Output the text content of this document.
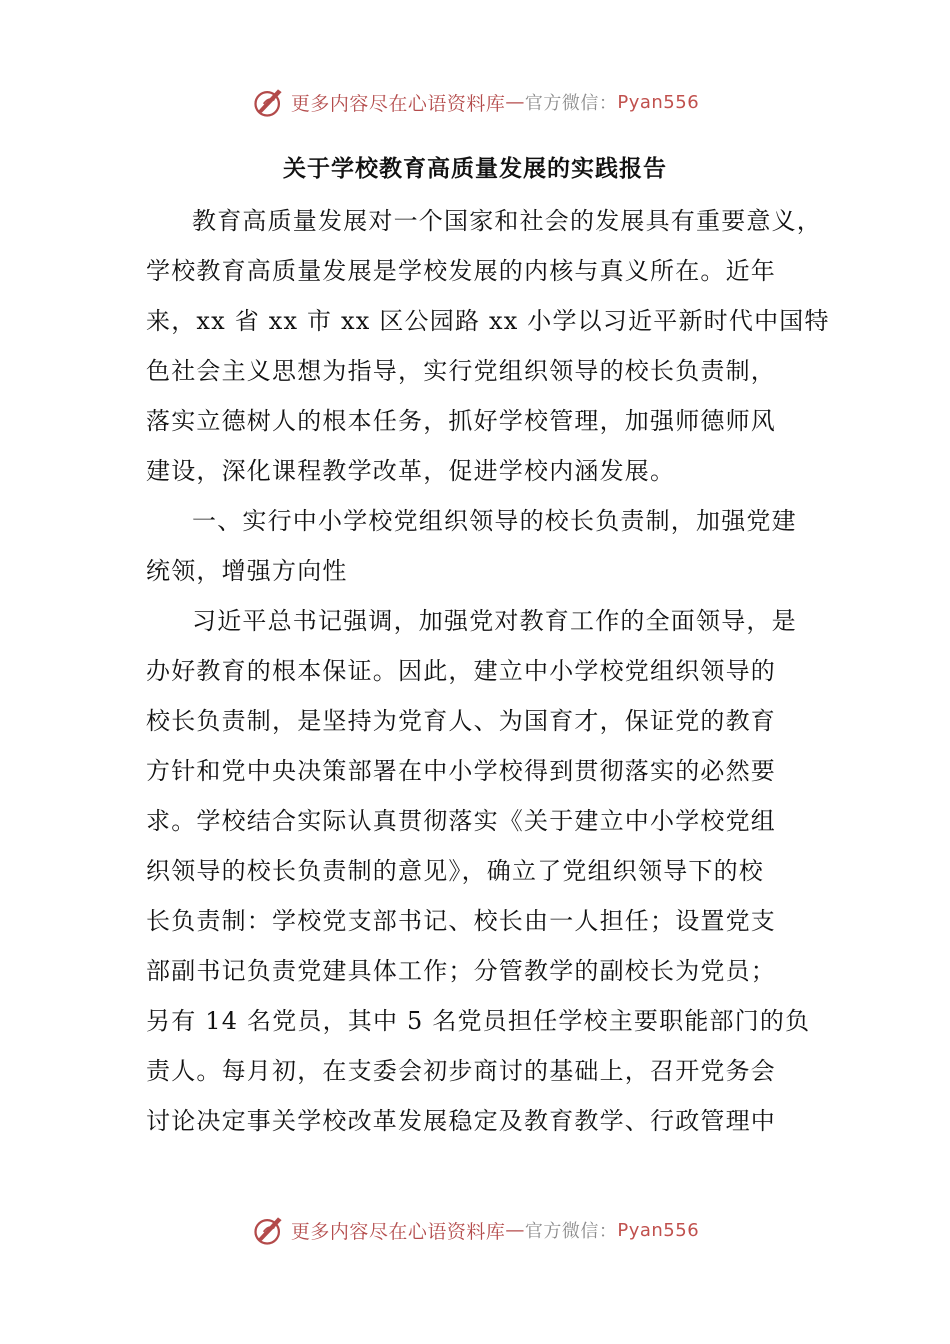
更多内容尽在心语资料库 — 官方微信： Pyan556
关于学校教育高质量发展的实践报告
教育高质量发展对一个国家和社会的发展具有重要意义，
学校教育高质量发展是学校发展的内核与真义所在。近年
来，xx 省 xx 市 xx 区公园路 xx 小学以习近平新时代中国特
色社会主义思想为指导，实行党组织领导的校长负责制，
落实立德树人的根本任务，抓好学校管理，加强师德师风
建设，深化课程教学改革，促进学校内涵发展。
一、实行中小学校党组织领导的校长负责制，加强党建
统领，增强方向性
习近平总书记强调，加强党对教育工作的全面领导，是
办好教育的根本保证。因此，建立中小学校党组织领导的
校长负责制，是坚持为党育人、为国育才，保证党的教育
方针和党中央决策部署在中小学校得到贯彻落实的必然要
求。学校结合实际认真贯彻落实《关于建立中小学校党组
织领导的校长负责制的意见》，确立了党组织领导下的校
长负责制：学校党支部书记、校长由一人担任；设置党支
部副书记负责党建具体工作；分管教学的副校长为党员；
另有 14 名党员，其中 5 名党员担任学校主要职能部门的负
责人。每月初，在支委会初步商讨的基础上，召开党务会
讨论决定事关学校改革发展稳定及教育教学、行政管理中
更多内容尽在心语资料库 — 官方微信： Pyan556
